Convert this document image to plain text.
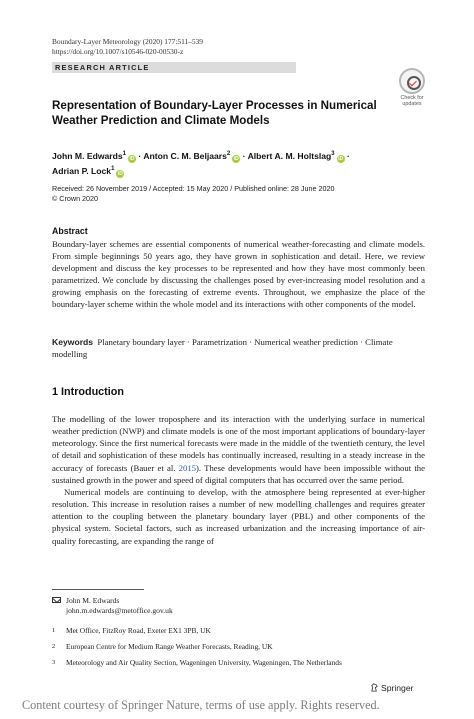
Boundary-Layer Meteorology (2020) 177:511–539
https://doi.org/10.1007/s10546-020-00530-z
RESEARCH ARTICLE
Check for
updates
Representation of Boundary-Layer Processes in Numerical Weather Prediction and Climate Models
John M. Edwards$^1$iD · Anton C. M. Beljaars$^2$iD · Albert A. M. Holtslag$^3$iD ·
Adrian P. Lock$^1$iD
Received: 26 November 2019 / Accepted: 15 May 2020 / Published online: 28 June 2020
© Crown 2020
Abstract
Boundary-layer schemes are essential components of numerical weather-forecasting and climate models. From simple beginnings 50 years ago, they have grown in sophistication and detail. Here, we review development and discuss the key processes to be represented and how they have most commonly been parametrized. We conclude by discussing the challenges posed by ever-increasing model resolution and a growing emphasis on the forecasting of extreme events. Throughout, we emphasize the place of the boundary-layer scheme within the whole model and its interactions with other components of the model.
Keywords Planetary boundary layer · Parametrization · Numerical weather prediction · Climate modelling
1 Introduction

The modelling of the lower troposphere and its interaction with the underlying surface in numerical weather prediction (NWP) and climate models is one of the most important applications of boundary-layer meteorology. Since the first numerical forecasts were made in the middle of the twentieth century, the level of detail and sophistication of these models has continually increased, resulting in a steady increase in the accuracy of forecasts (Bauer et al. 2015). These developments would have been impossible without the sustained growth in the power and speed of digital computers that has occurred over the same period.

Numerical models are continuing to develop, with the atmosphere being represented at ever-higher resolution. This increase in resolution raises a number of new modelling challenges and requires greater attention to the coupling between the planetary boundary layer (PBL) and other components of the physical system. Societal factors, such as increased urbanization and the increasing importance of air-quality forecasting, are expanding the range of

John M. Edwards
john.m.edwards@metoffice.gov.uk
1 Met Office, FitzRoy Road, Exeter EX1 3PB, UK
2 European Centre for Medium Range Weather Forecasts, Reading, UK
3 Meteorology and Air Quality Section, Wageningen University, Wageningen, The Netherlands
Springer
Content courtesy of Springer Nature, terms of use apply. Rights reserved.
